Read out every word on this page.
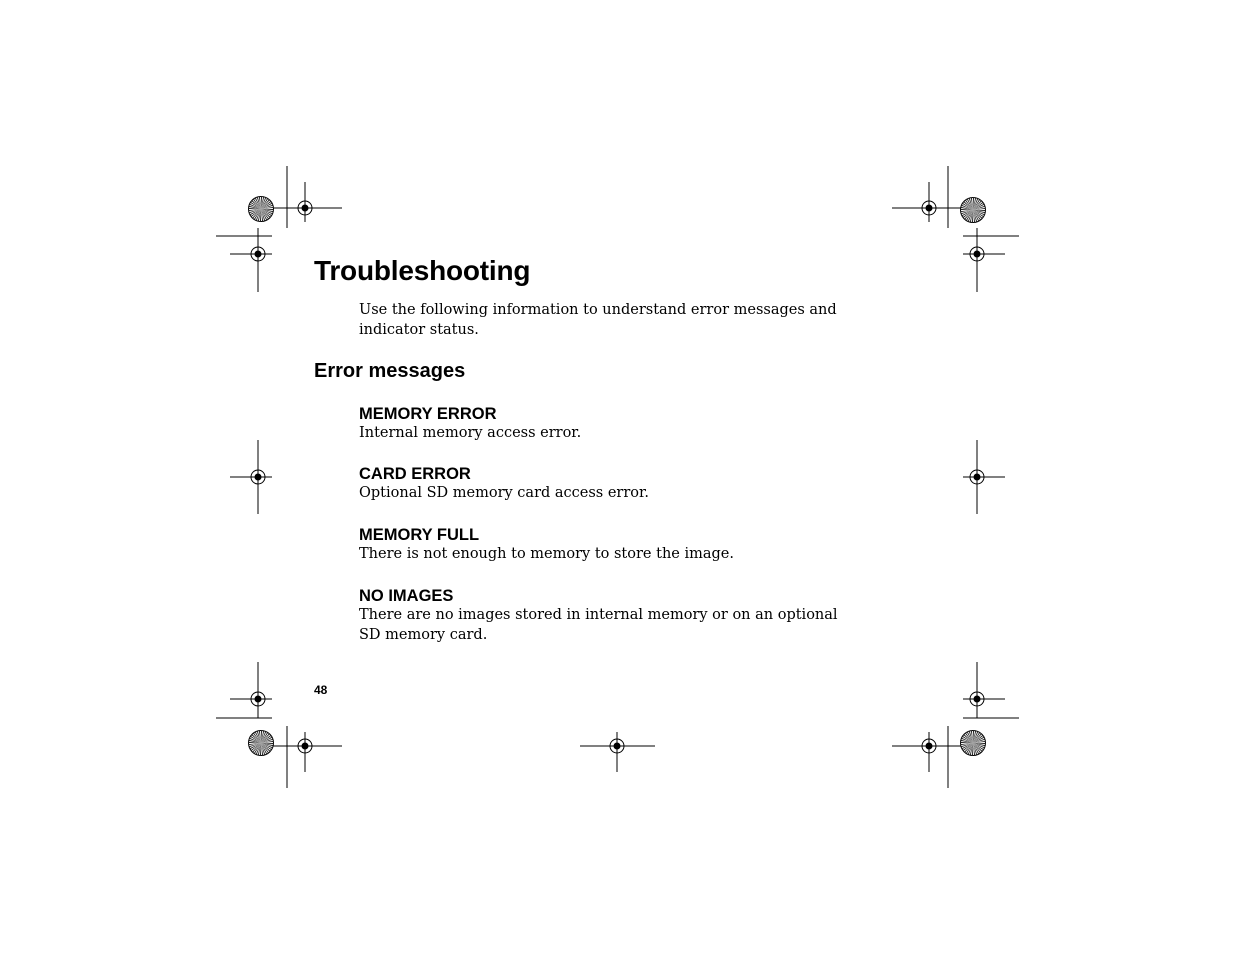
Troubleshooting

Use the following information to understand error messages and indicator status.

Error messages

MEMORY ERROR

Internal memory access error.

CARD ERROR

Optional SD memory card access error.

MEMORY FULL

There is not enough to memory to store the image.

NO IMAGES

There are no images stored in internal memory or on an optional SD memory card.

48
